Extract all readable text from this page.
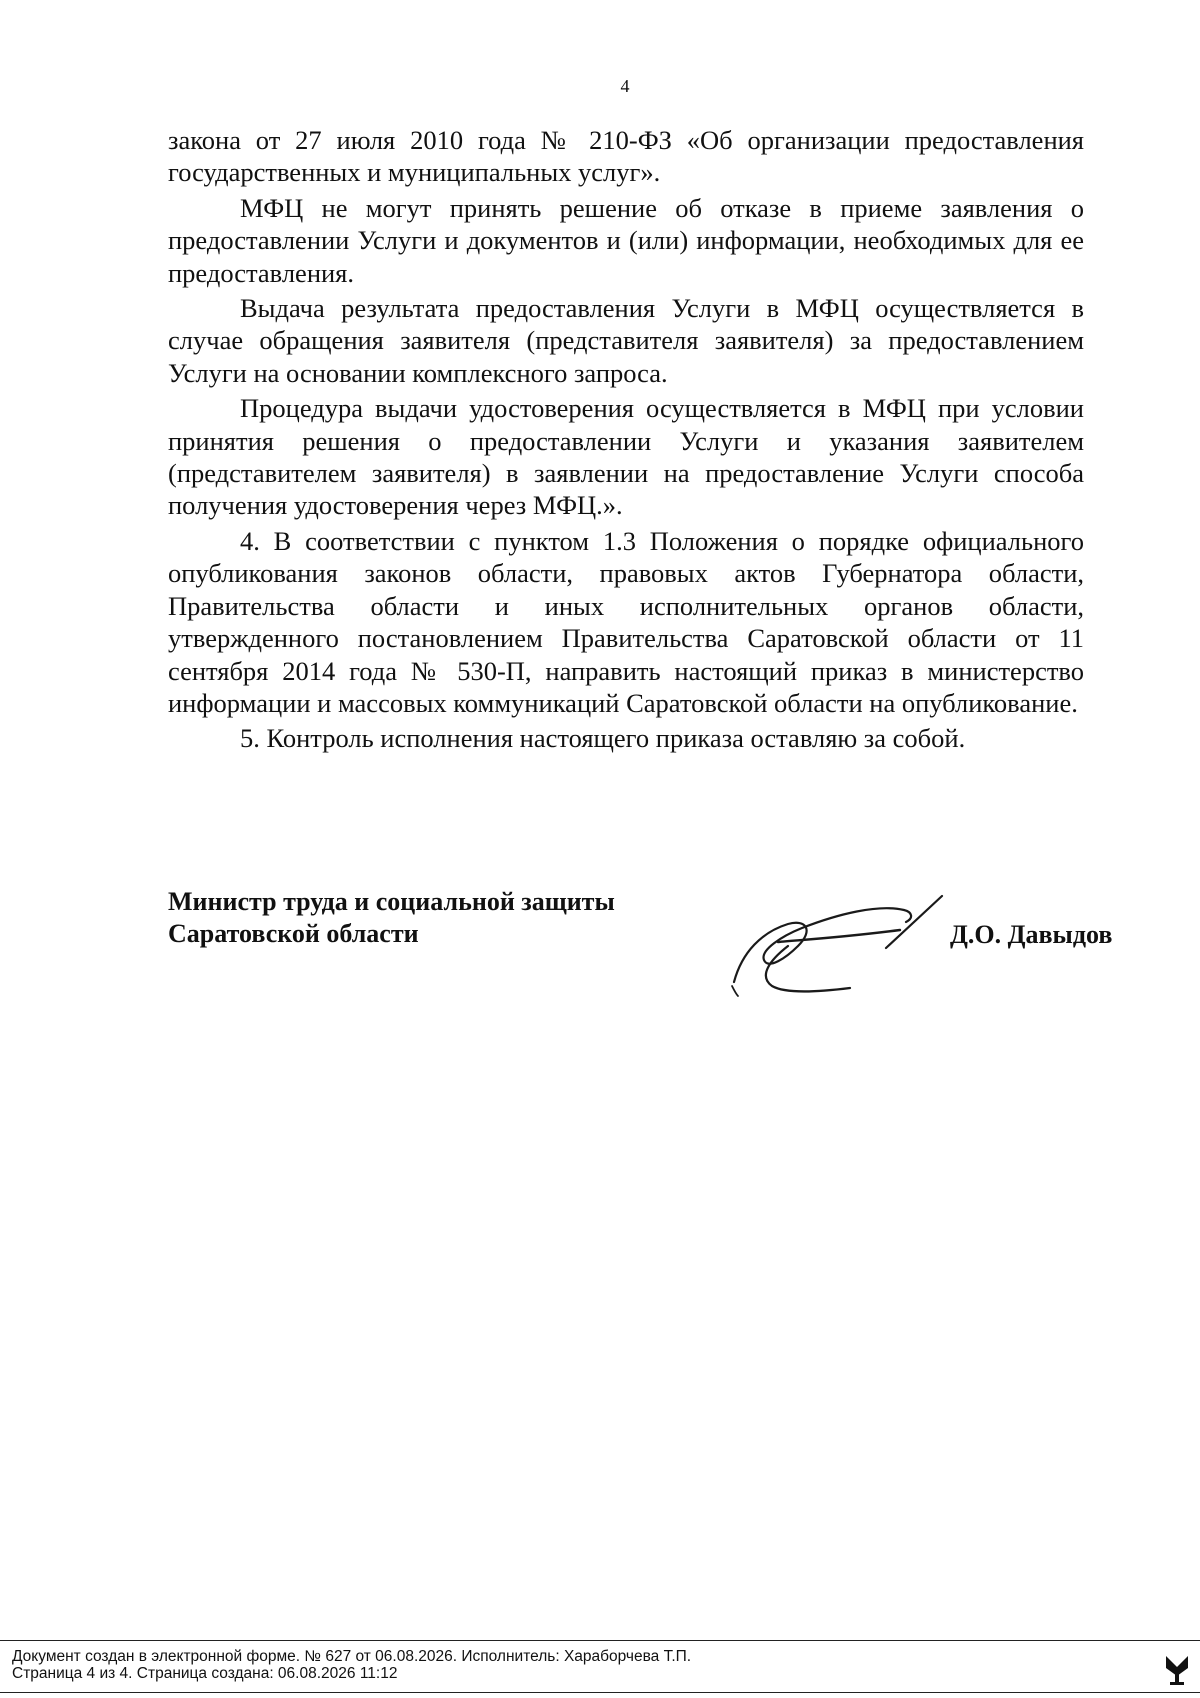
4

закона от 27 июля 2010 года № 210-ФЗ «Об организации предоставления государственных и муниципальных услуг».

МФЦ не могут принять решение об отказе в приеме заявления о предоставлении Услуги и документов и (или) информации, необходимых для ее предоставления.

Выдача результата предоставления Услуги в МФЦ осуществляется в случае обращения заявителя (представителя заявителя) за предоставлением Услуги на основании комплексного запроса.

Процедура выдачи удостоверения осуществляется в МФЦ при условии принятия решения о предоставлении Услуги и указания заявителем (представителем заявителя) в заявлении на предоставление Услуги способа получения удостоверения через МФЦ.».

4. В соответствии с пунктом 1.3 Положения о порядке официального опубликования законов области, правовых актов Губернатора области, Правительства области и иных исполнительных органов области, утвержденного постановлением Правительства Саратовской области от 11 сентября 2014 года № 530-П, направить настоящий приказ в министерство информации и массовых коммуникаций Саратовской области на опубликование.

5. Контроль исполнения настоящего приказа оставляю за собой.

Министр труда и социальной защиты
Саратовской области	Д.О. Давыдов
Документ создан в электронной форме. № 627 от 06.08.2026. Исполнитель: Хараборчева Т.П.
Страница 4 из 4. Страница создана: 06.08.2026 11:12
